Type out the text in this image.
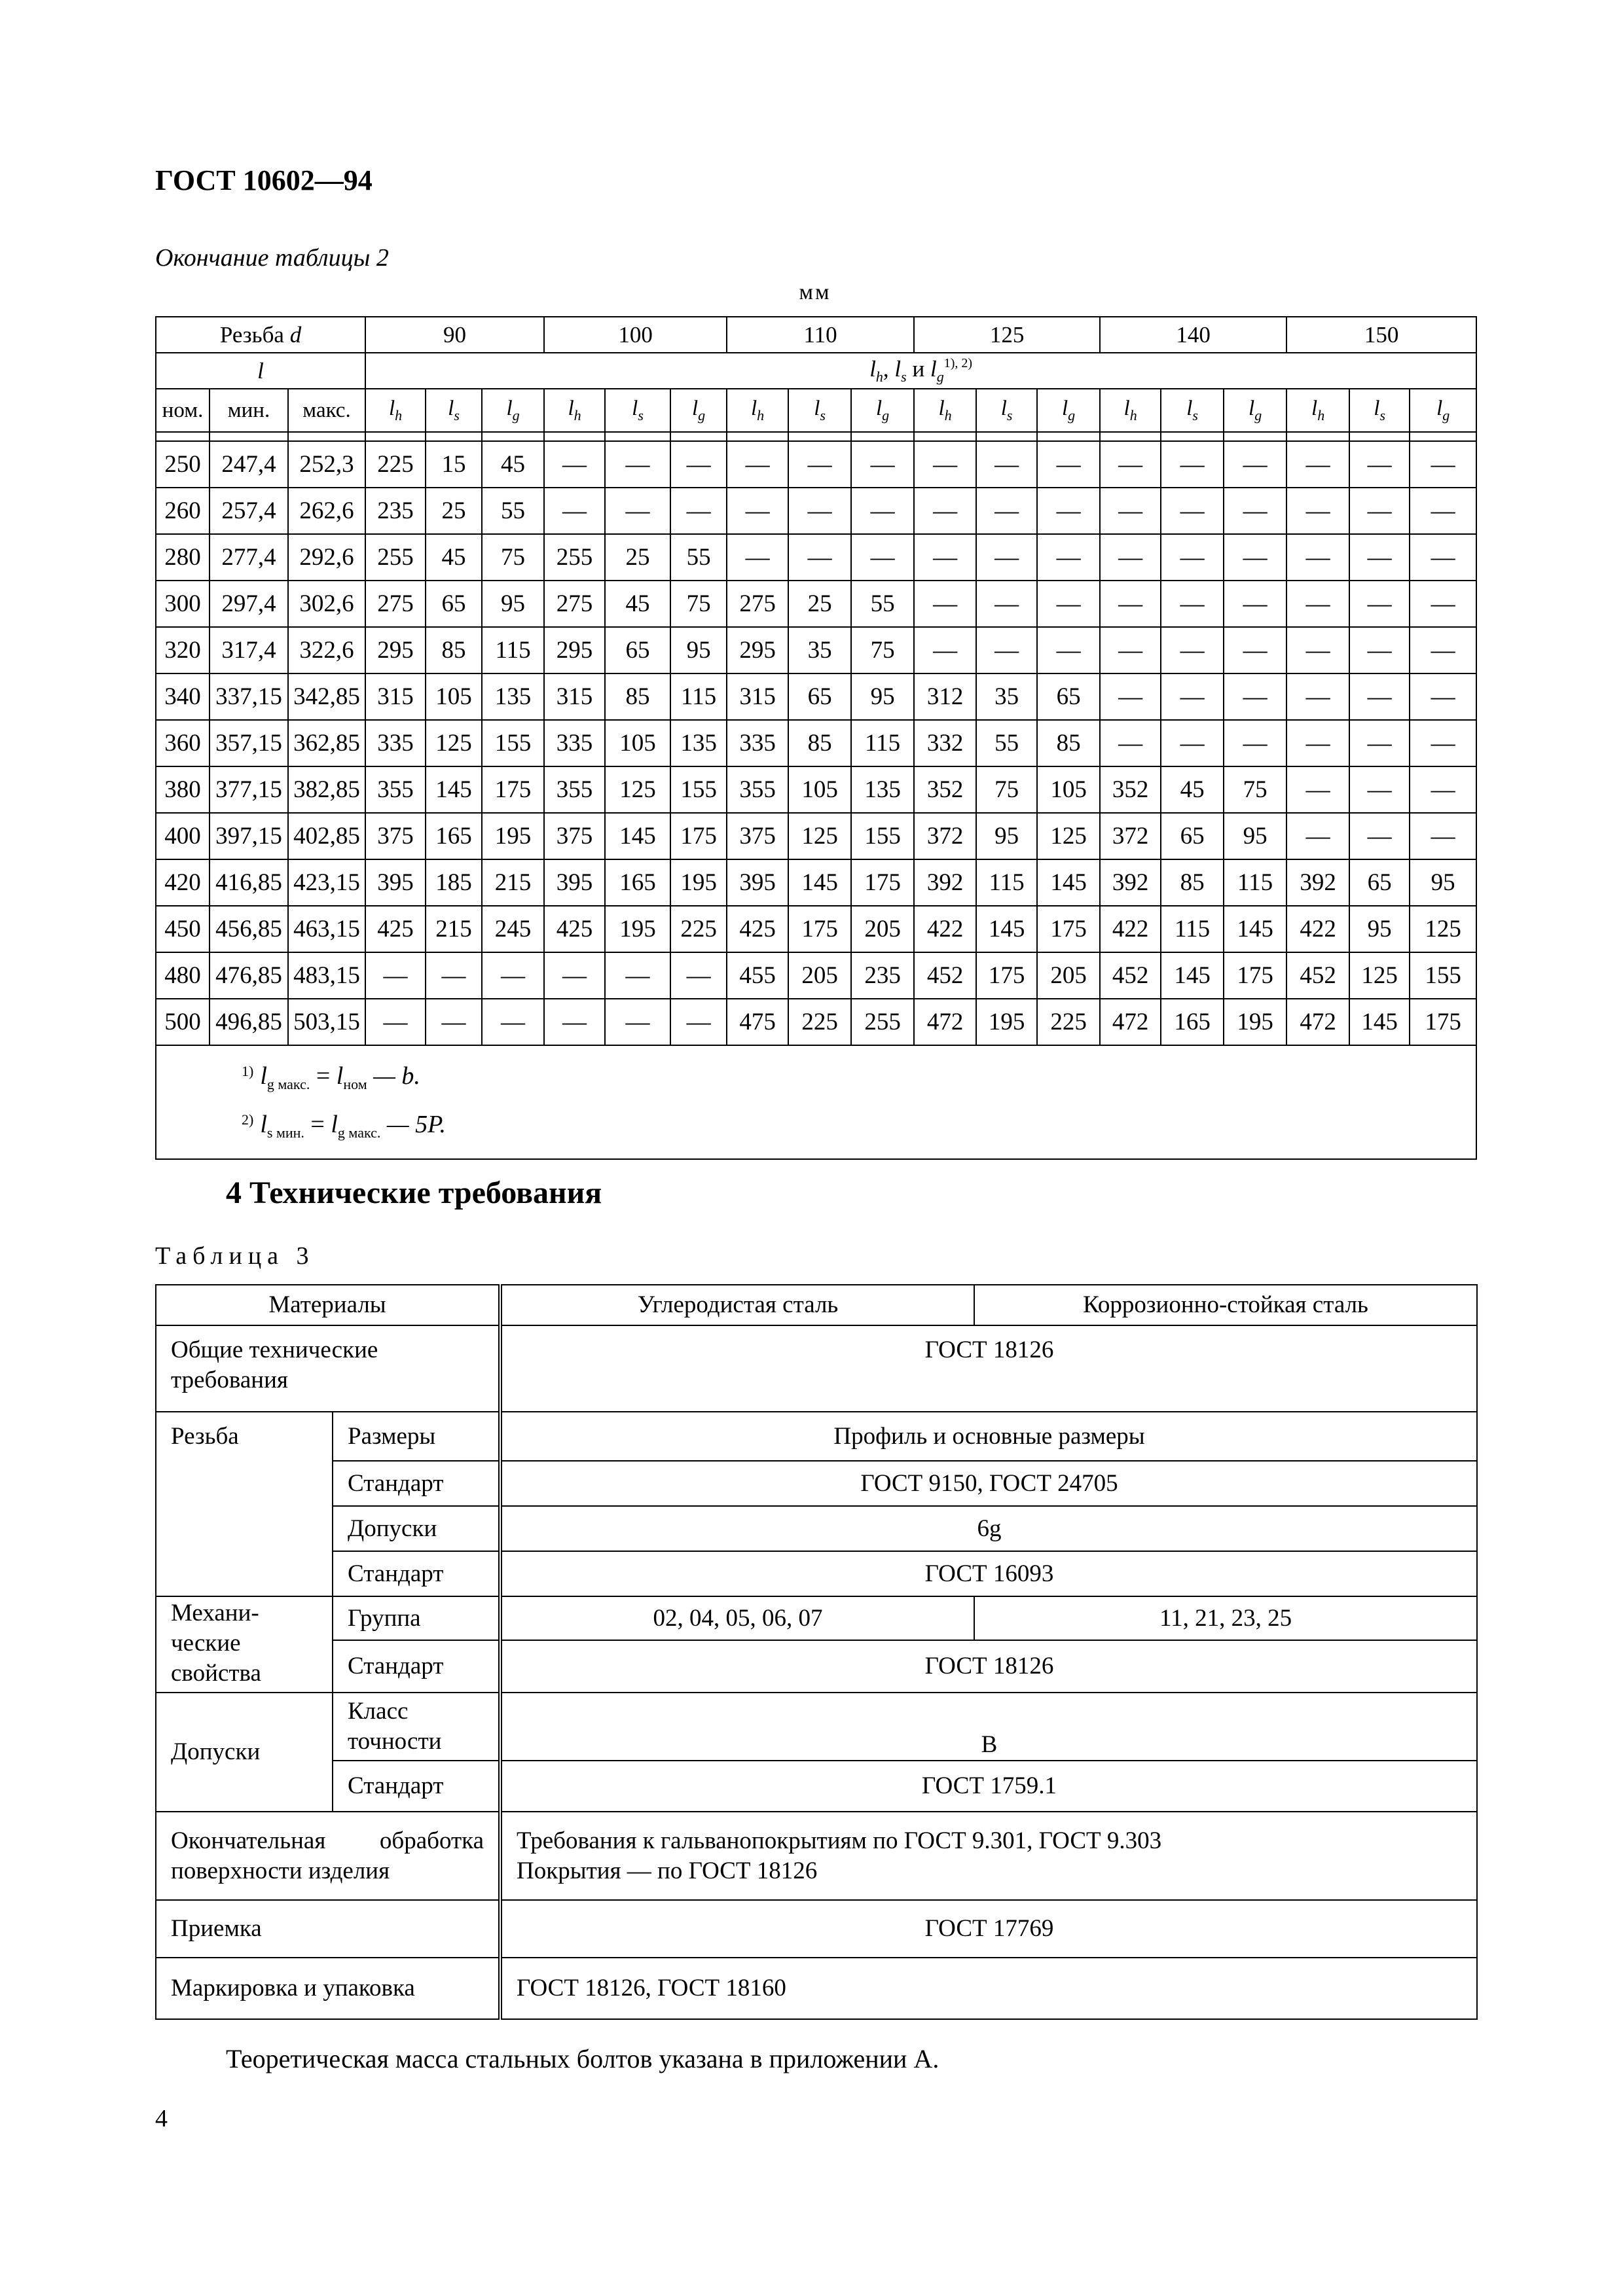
ГОСТ 10602—94
Окончание таблицы 2
мм
Резьба d			90			100			110			125			140			150		
l			$l_h$, $l_s$ и $l_g^{1), 2)}$
ном.	мин.	макс.	$l_h$	$l_s$	$l_g$	$l_h$	$l_s$	$l_g$	$l_h$	$l_s$	$l_g$	$l_h$	$l_s$	$l_g$	$l_h$	$l_s$	$l_g$	$l_h$	$l_s$	$l_g$

250	247,4	252,3	225	15	45	—	—	—	—	—	—	—	—	—	—	—	—	—	—	—
260	257,4	262,6	235	25	55	—	—	—	—	—	—	—	—	—	—	—	—	—	—	—
280	277,4	292,6	255	45	75	255	25	55	—	—	—	—	—	—	—	—	—	—	—	—
300	297,4	302,6	275	65	95	275	45	75	275	25	55	—	—	—	—	—	—	—	—	—
320	317,4	322,6	295	85	115	295	65	95	295	35	75	—	—	—	—	—	—	—	—	—
340	337,15	342,85	315	105	135	315	85	115	315	65	95	312	35	65	—	—	—	—	—	—
360	357,15	362,85	335	125	155	335	105	135	335	85	115	332	55	85	—	—	—	—	—	—
380	377,15	382,85	355	145	175	355	125	155	355	105	135	352	75	105	352	45	75	—	—	—
400	397,15	402,85	375	165	195	375	145	175	375	125	155	372	95	125	372	65	95	—	—	—
420	416,85	423,15	395	185	215	395	165	195	395	145	175	392	115	145	392	85	115	392	65	95
450	456,85	463,15	425	215	245	425	195	225	425	175	205	422	145	175	422	115	145	422	95	125
480	476,85	483,15	—	—	—	—	—	—	455	205	235	452	175	205	452	145	175	452	125	155
500	496,85	503,15	—	—	—	—	—	—	475	225	255	472	195	225	472	165	195	472	145	175

$^{1)}$ $l_{g макс.} = l_{ном}$ — b.
$^{2)}$ $l_{s мин.} = l_{g макс.}$ — 5P.																				
4 Технические требования
Таблица 3
Материалы		Углеродистая сталь	Коррозионно-стойкая сталь
Общие технические требования		ГОСТ 18126	
Резьба	Размеры	Профиль и основные размеры	
	Стандарт	ГОСТ 9150, ГОСТ 24705	
	Допуски	6g	
	Стандарт	ГОСТ 16093	
Механи-ческие свойства	Группа	02, 04, 05, 06, 07	11, 21, 23, 25
	Стандарт	ГОСТ 18126	
Допуски	Класс точности	B	
	Стандарт	ГОСТ 1759.1	
Окончательная обработка поверхности изделия		Требования к гальванопокрытиям по ГОСТ 9.301, ГОСТ 9.303
Покрытия — по ГОСТ 18126	

Приемка		ГОСТ 17769	
Маркировка и упаковка		ГОСТ 18126, ГОСТ 18160	
Теоретическая масса стальных болтов указана в приложении А.
4
